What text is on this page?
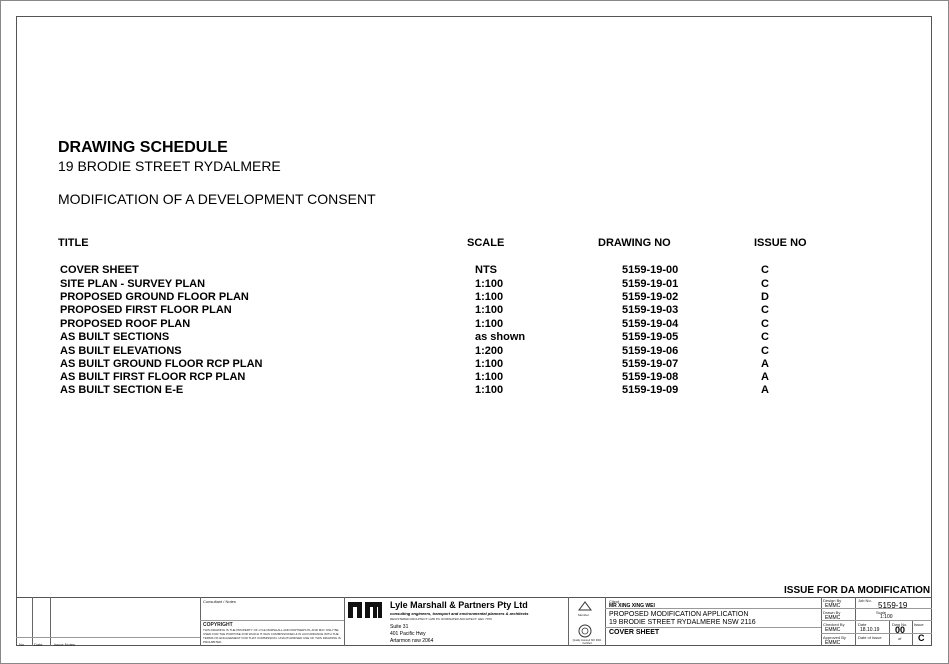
DRAWING SCHEDULE
19 BRODIE STREET RYDALMERE
MODIFICATION OF A DEVELOPMENT CONSENT
TITLE	SCALE	DRAWING NO	ISSUE NO
COVER SHEET	NTS	5159-19-00	C
SITE PLAN - SURVEY PLAN	1:100	5159-19-01	C
PROPOSED GROUND FLOOR PLAN	1:100	5159-19-02	D
PROPOSED FIRST FLOOR PLAN	1:100	5159-19-03	C
PROPOSED ROOF PLAN	1:100	5159-19-04	C
AS BUILT SECTIONS	as shown	5159-19-05	C
AS BUILT ELEVATIONS	1:200	5159-19-06	C
AS BUILT GROUND FLOOR RCP PLAN	1:100	5159-19-07	A
AS BUILT FIRST FLOOR RCP PLAN	1:100	5159-19-08	A
AS BUILT SECTION E-E	1:100	5159-19-09	A
ISSUE FOR DA MODIFICATION
No Date	Issue Notes
Consultant / Notes
COPYRIGHT
THIS DRAWING IS THE PROPERTY OF LYLE MARSHALL AND PARTNERS PL AND MAY ONLY BE USED FOR THE PURPOSE FOR WHICH IT WAS COMMISSIONED & IN ACCORDANCE WITH THE TERMS OF ENGAGEMENT FOR THAT COMMISSION. UNAUTHORISED USE OF THIS DRAWING IS PROHIBITED.
Lyle Marshall & Partners Pty Ltd
consulting engineers, transport and environmental planners & architects
REGISTERED ARCHITECT: LMR P/L NOMINATED ARCHITECT: HEC 7070
Suite 31
401 Pacific Hwy
Artarmon nsw 2064
Member
Quality Assured ISO 9001 Certified
Client
MR XING XING WEI
PROPOSED MODIFICATION APPLICATION
19 BRODIE STREET RYDALMERE NSW 2116
COVER SHEET
Design By
EMMC
Job No.
5159-19
Drawn By
EMMC
Scale
1:100
Checked By
EMMC
Date
18.10.19
Dwg No.
00
of
Issue
C
Approved By
EMMC
Date of Issue
